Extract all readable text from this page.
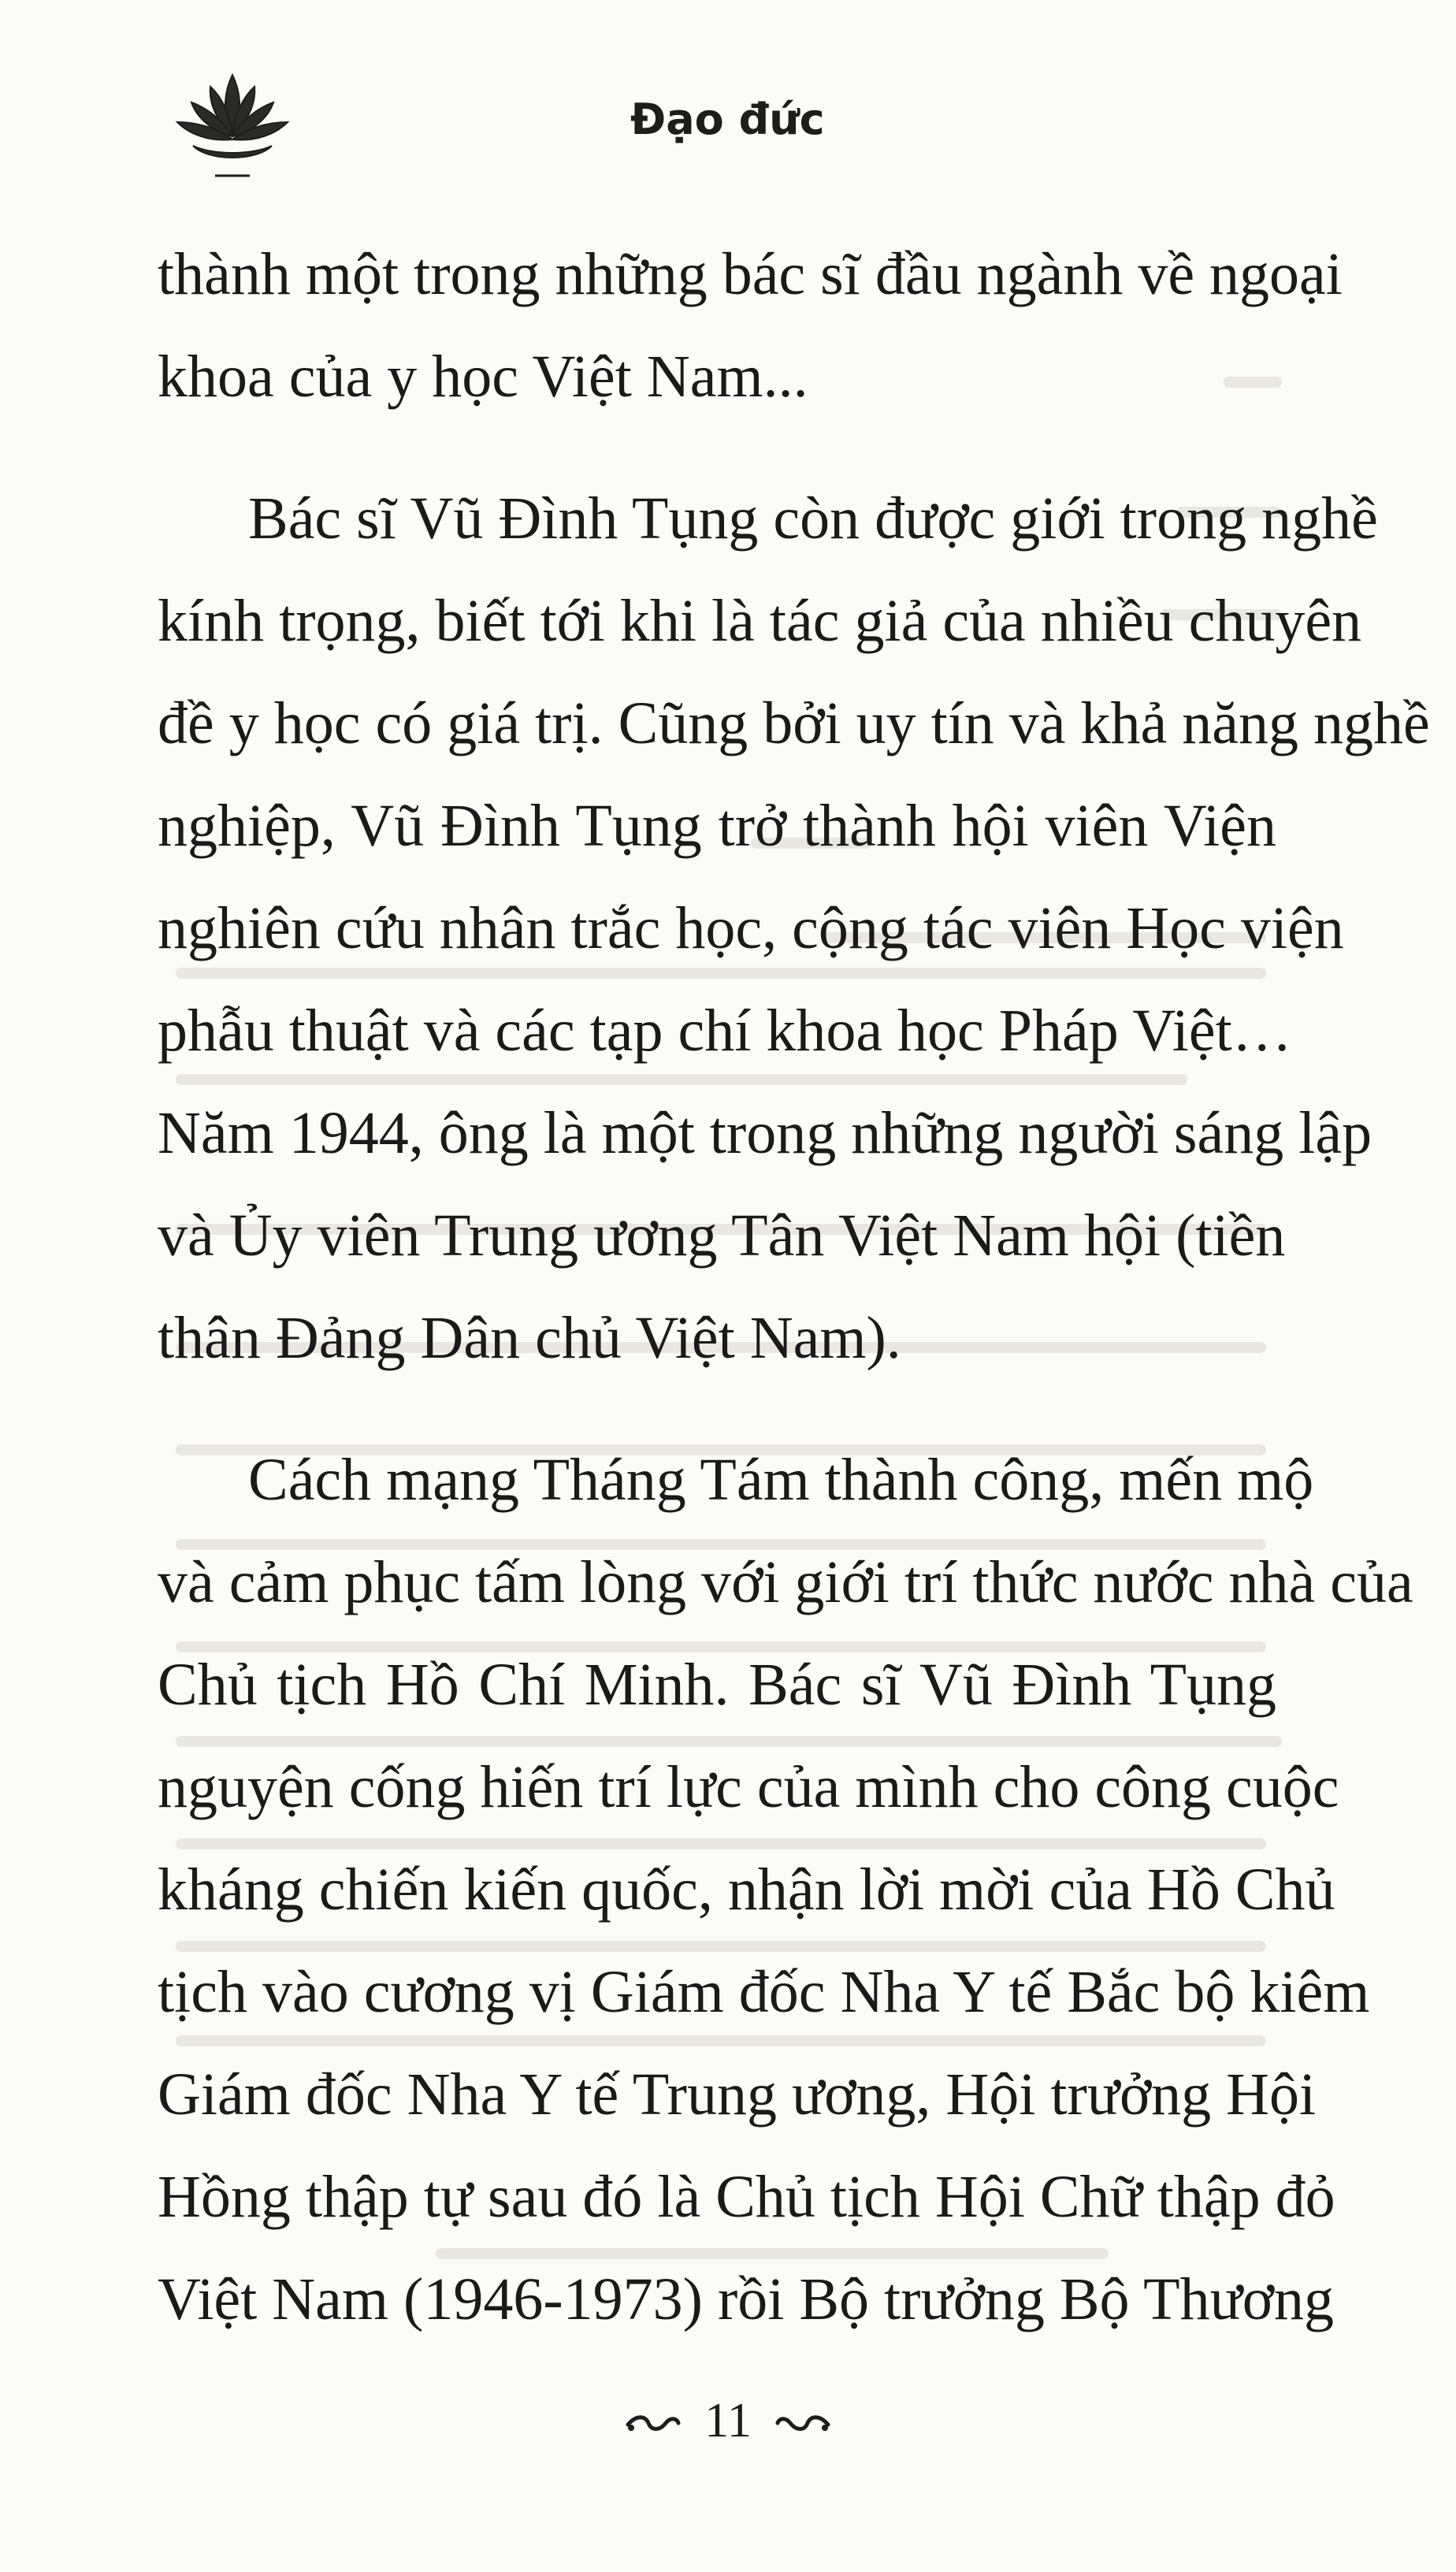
Đạo đức
thành một trong những bác sĩ đầu ngành về ngoại
khoa của y học Việt Nam...
Bác sĩ Vũ Đình Tụng còn được giới trong nghề
kính trọng, biết tới khi là tác giả của nhiều chuyên
đề y học có giá trị. Cũng bởi uy tín và khả năng nghề
nghiệp, Vũ Đình Tụng trở thành hội viên Viện
nghiên cứu nhân trắc học, cộng tác viên Học viện
phẫu thuật và các tạp chí khoa học Pháp Việt…
Năm 1944, ông là một trong những người sáng lập
và Ủy viên Trung ương Tân Việt Nam hội (tiền
thân Đảng Dân chủ Việt Nam).
Cách mạng Tháng Tám thành công, mến mộ
và cảm phục tấm lòng với giới trí thức nước nhà của
Chủ tịch Hồ Chí Minh. Bác sĩ Vũ Đình Tụng
nguyện cống hiến trí lực của mình cho công cuộc
kháng chiến kiến quốc, nhận lời mời của Hồ Chủ
tịch vào cương vị Giám đốc Nha Y tế Bắc bộ kiêm
Giám đốc Nha Y tế Trung ương, Hội trưởng Hội
Hồng thập tự sau đó là Chủ tịch Hội Chữ thập đỏ
Việt Nam (1946-1973) rồi Bộ trưởng Bộ Thương
11
